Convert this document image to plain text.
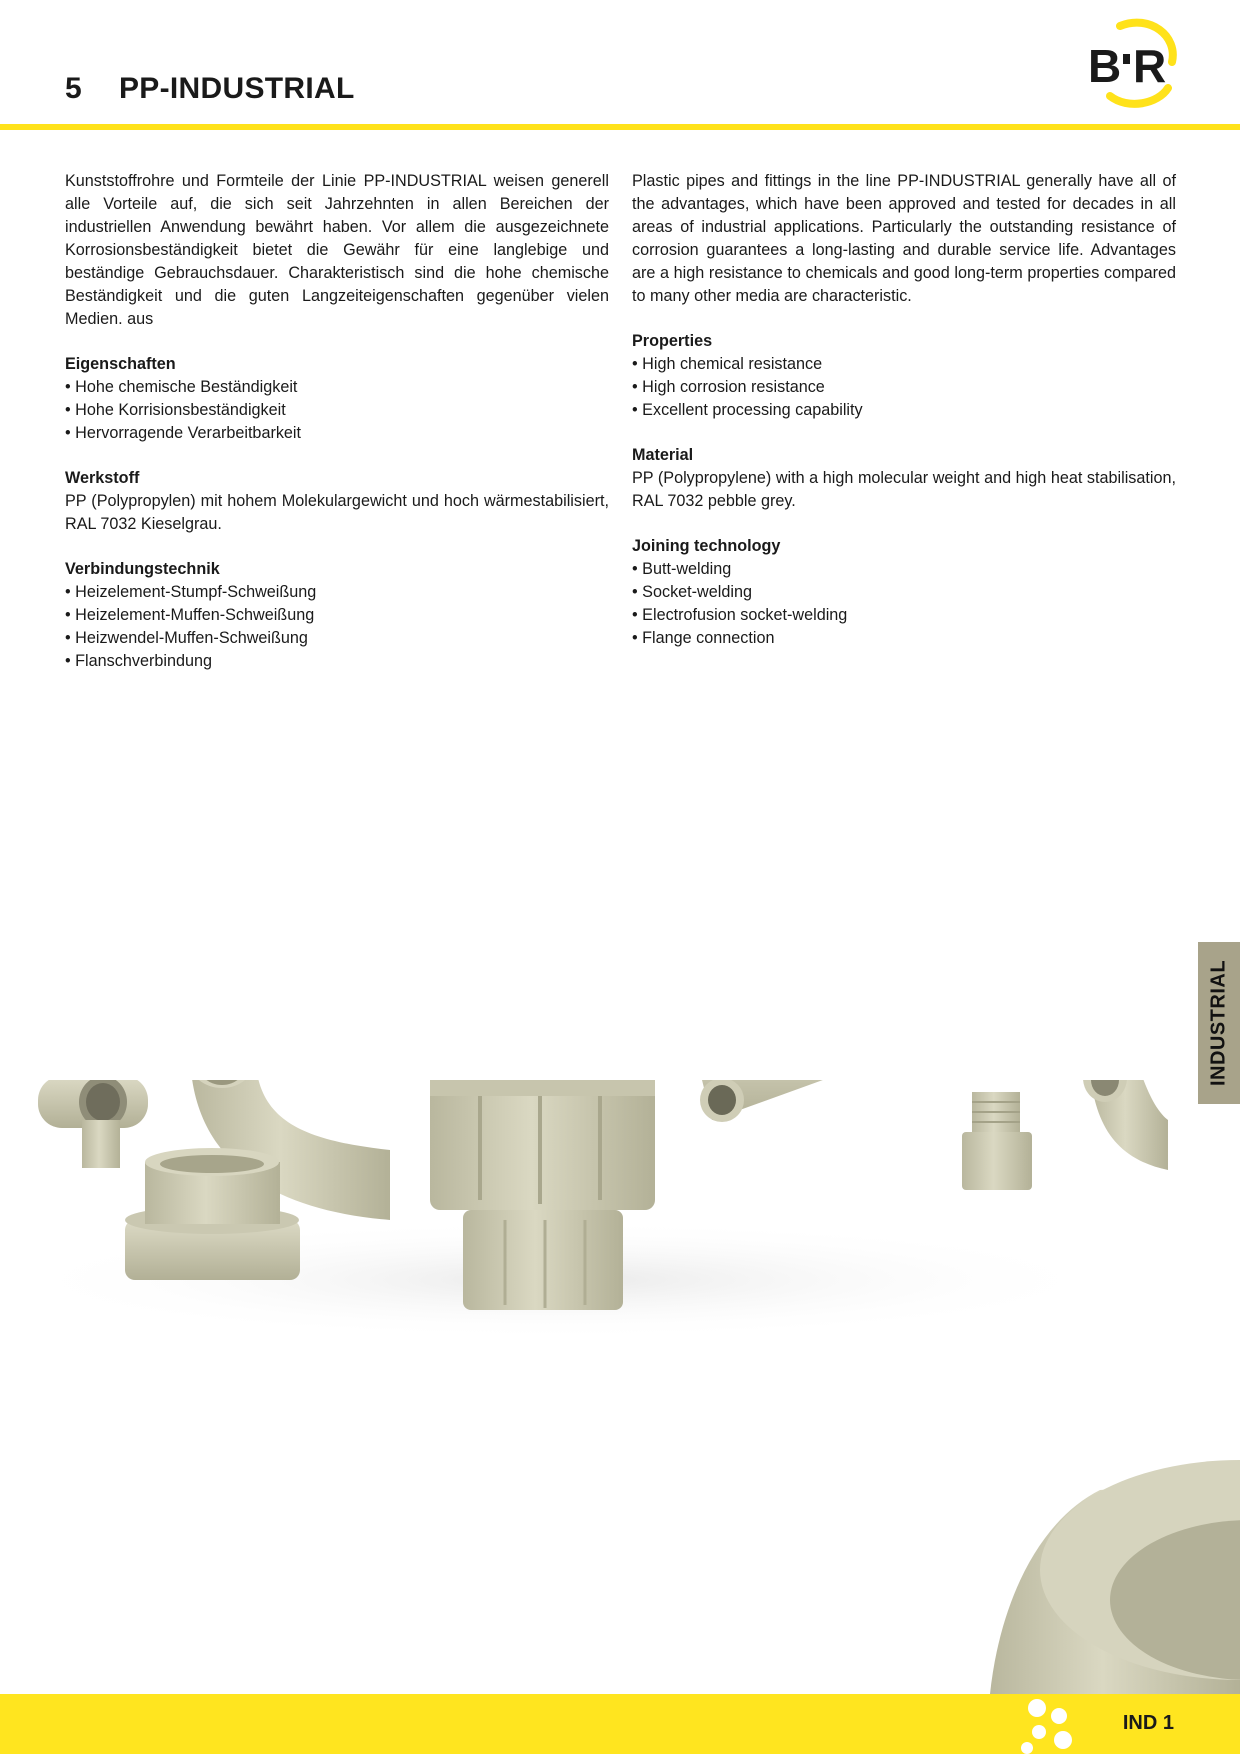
5 PP-INDUSTRIAL	B R

Kunststoffrohre und Formteile der Linie PP-INDUSTRIAL weisen generell alle Vorteile auf, die sich seit Jahrzehnten in allen Bereichen der industriellen Anwendung bewährt haben. Vor allem die ausgezeichnete Korrosionsbeständigkeit bietet die Gewähr für eine langlebige und beständige Gebrauchsdauer. Charakteristisch sind die hohe chemische Beständigkeit und die guten Langzeiteigenschaften gegenüber vielen Medien. aus

Eigenschaften
• Hohe chemische Beständigkeit
• Hohe Korrisionsbeständigkeit
• Hervorragende Verarbeitbarkeit
Werkstoff

PP (Polypropylen) mit hohem Molekulargewicht und hoch wärmestabilisiert, RAL 7032 Kieselgrau.

Verbindungstechnik
• Heizelement-Stumpf-Schweißung
• Heizelement-Muffen-Schweißung
• Heizwendel-Muffen-Schweißung
• Flanschverbindung

Plastic pipes and fittings in the line PP-INDUSTRIAL generally have all of the advantages, which have been approved and tested for decades in all areas of industrial applications. Particularly the outstanding resistance of corrosion guarantees a long-lasting and durable service life. Advantages are a high resistance to chemicals and good long-term properties compared to many other media are characteristic.

Properties
• High chemical resistance
• High corrosion resistance
• Excellent processing capability
Material

PP (Polypropylene) with a high molecular weight and high heat stabilisation, RAL 7032 pebble grey.

Joining technology
• Butt-welding
• Socket-welding
• Electrofusion socket-welding
• Flange connection
INDUSTRIAL
IND 1
